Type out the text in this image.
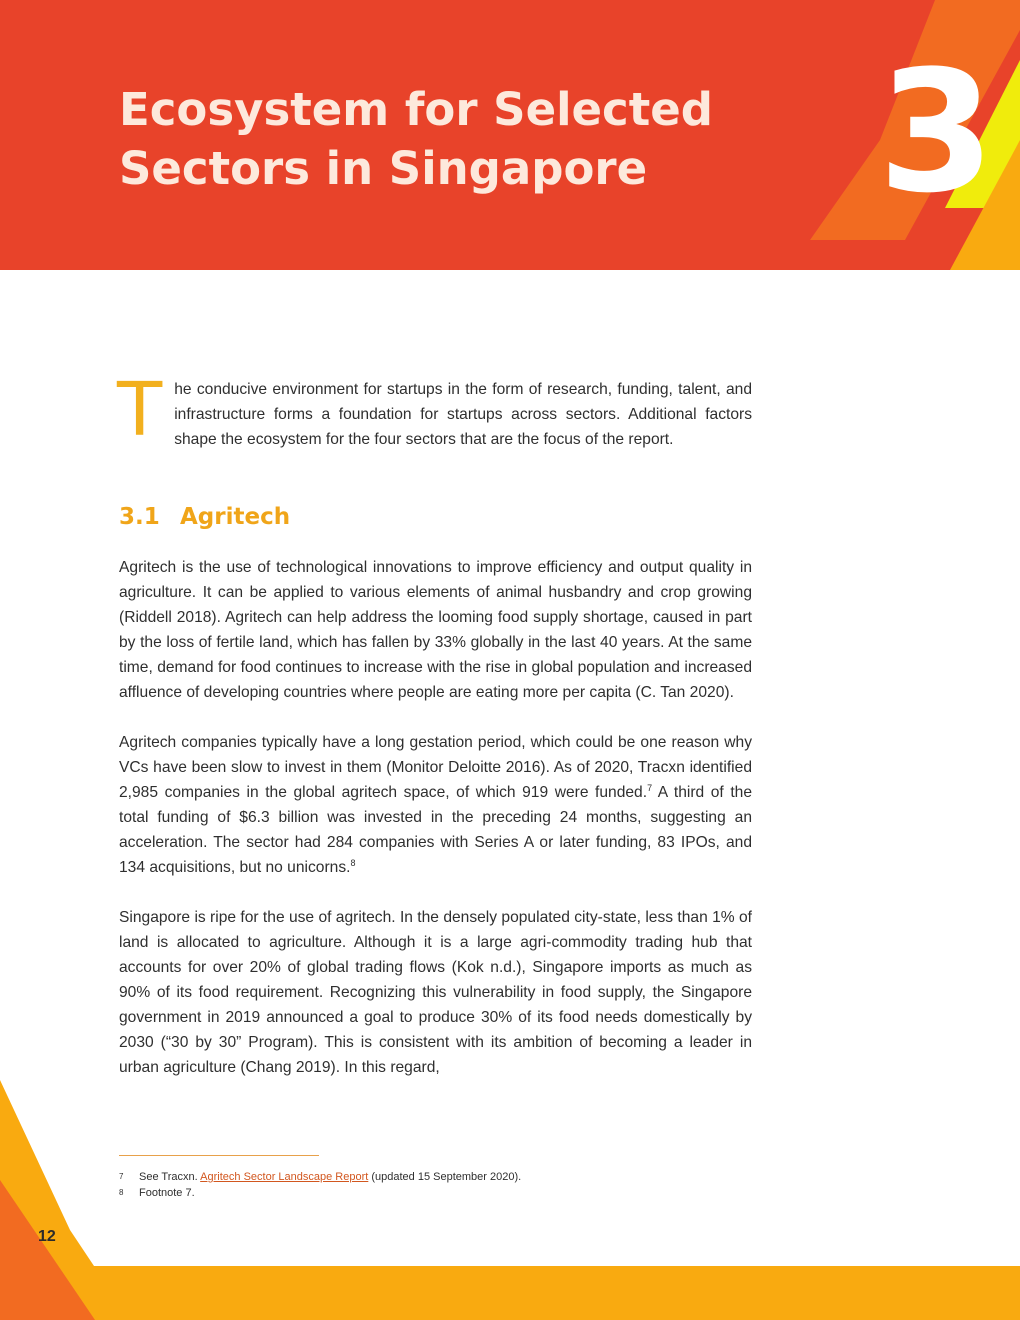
Ecosystem for Selected Sectors in Singapore	3

The conducive environment for startups in the form of research, funding, talent, and infrastructure forms a foundation for startups across sectors. Additional factors shape the ecosystem for the four sectors that are the focus of the report.

3.1 Agritech

Agritech is the use of technological innovations to improve efficiency and output quality in agriculture. It can be applied to various elements of animal husbandry and crop growing (Riddell 2018). Agritech can help address the looming food supply shortage, caused in part by the loss of fertile land, which has fallen by 33% globally in the last 40 years. At the same time, demand for food continues to increase with the rise in global population and increased affluence of developing countries where people are eating more per capita (C. Tan 2020).

Agritech companies typically have a long gestation period, which could be one reason why VCs have been slow to invest in them (Monitor Deloitte 2016). As of 2020, Tracxn identified 2,985 companies in the global agritech space, of which 919 were funded.$^7$ A third of the total funding of $6.3 billion was invested in the preceding 24 months, suggesting an acceleration. The sector had 284 companies with Series A or later funding, 83 IPOs, and 134 acquisitions, but no unicorns.$^8$

Singapore is ripe for the use of agritech. In the densely populated city-state, less than 1% of land is allocated to agriculture. Although it is a large agri-commodity trading hub that accounts for over 20% of global trading flows (Kok n.d.), Singapore imports as much as 90% of its food requirement. Recognizing this vulnerability in food supply, the Singapore government in 2019 announced a goal to produce 30% of its food needs domestically by 2030 (“30 by 30” Program). This is consistent with its ambition of becoming a leader in urban agriculture (Chang 2019). In this regard,

7 See Tracxn. Agritech Sector Landscape Report (updated 15 September 2020).
8 Footnote 7.
12
